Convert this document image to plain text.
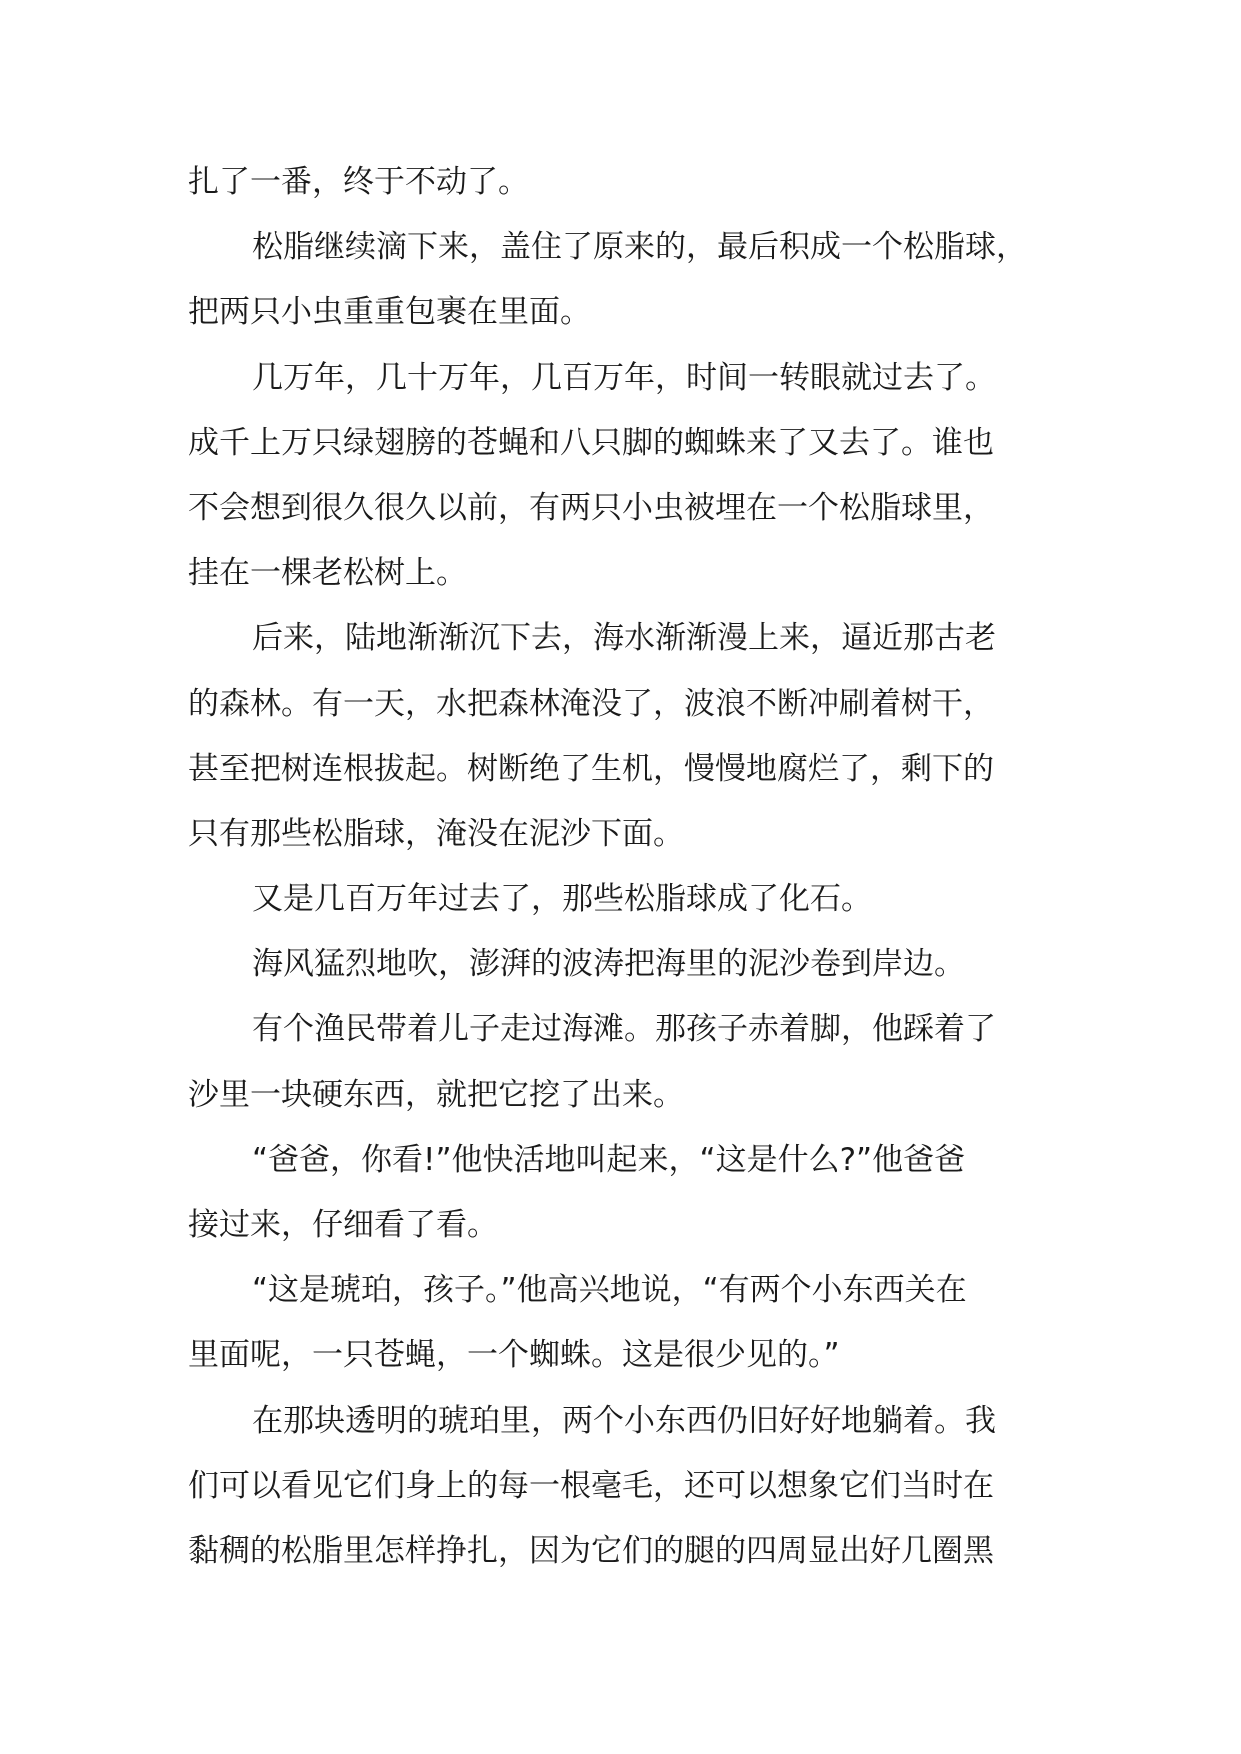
扎了一番，终于不动了。
松脂继续滴下来，盖住了原来的，最后积成一个松脂球，
把两只小虫重重包裹在里面。
几万年，几十万年，几百万年，时间一转眼就过去了。
成千上万只绿翅膀的苍蝇和八只脚的蜘蛛来了又去了。谁也
不会想到很久很久以前，有两只小虫被埋在一个松脂球里，
挂在一棵老松树上。
后来，陆地渐渐沉下去，海水渐渐漫上来，逼近那古老
的森林。有一天，水把森林淹没了，波浪不断冲刷着树干，
甚至把树连根拔起。树断绝了生机，慢慢地腐烂了，剩下的
只有那些松脂球，淹没在泥沙下面。
又是几百万年过去了，那些松脂球成了化石。
海风猛烈地吹，澎湃的波涛把海里的泥沙卷到岸边。
有个渔民带着儿子走过海滩。那孩子赤着脚，他踩着了
沙里一块硬东西，就把它挖了出来。
“爸爸，你看!”他快活地叫起来，“这是什么?”他爸爸
接过来，仔细看了看。
“这是琥珀，孩子。”他高兴地说，“有两个小东西关在
里面呢，一只苍蝇，一个蜘蛛。这是很少见的。”
在那块透明的琥珀里，两个小东西仍旧好好地躺着。我
们可以看见它们身上的每一根毫毛，还可以想象它们当时在
黏稠的松脂里怎样挣扎，因为它们的腿的四周显出好几圈黑
